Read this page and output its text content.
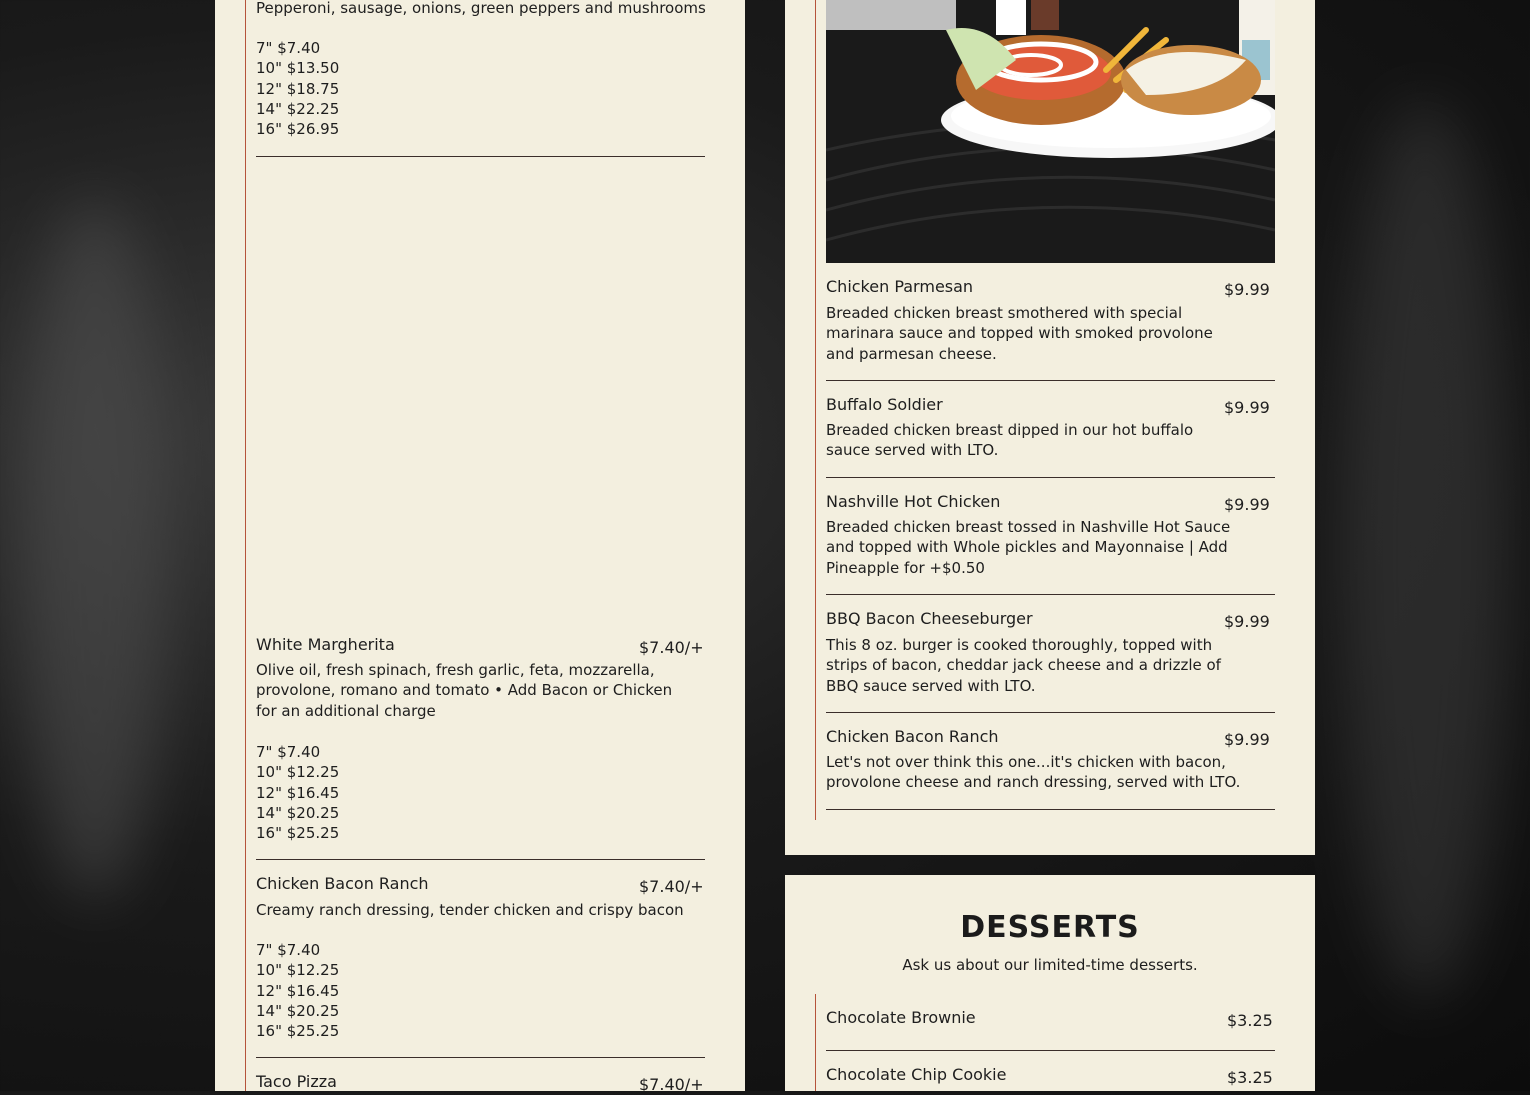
Pepperoni, sausage, onions, green peppers and mushrooms
7" $7.40
10" $13.50
12" $18.75
14" $22.25
16" $26.95
White Margherita	$7.40/+
Olive oil, fresh spinach, fresh garlic, feta, mozzarella, provolone, romano and tomato • Add Bacon or Chicken for an additional charge
7" $7.40
10" $12.25
12" $16.45
14" $20.25
16" $25.25
Chicken Bacon Ranch	$7.40/+
Creamy ranch dressing, tender chicken and crispy bacon
7" $7.40
10" $12.25
12" $16.45
14" $20.25
16" $25.25
Taco Pizza	$7.40/+
Chicken Parmesan	$9.99
Breaded chicken breast smothered with special marinara sauce and topped with smoked provolone and parmesan cheese.
Buffalo Soldier	$9.99
Breaded chicken breast dipped in our hot buffalo sauce served with LTO.
Nashville Hot Chicken	$9.99
Breaded chicken breast tossed in Nashville Hot Sauce and topped with Whole pickles and Mayonnaise | Add Pineapple for +$0.50
BBQ Bacon Cheeseburger	$9.99
This 8 oz. burger is cooked thoroughly, topped with strips of bacon, cheddar jack cheese and a drizzle of BBQ sauce served with LTO.
Chicken Bacon Ranch	$9.99
Let's not over think this one...it's chicken with bacon, provolone cheese and ranch dressing, served with LTO.
DESSERTS
Ask us about our limited-time desserts.
Chocolate Brownie	$3.25
Chocolate Chip Cookie	$3.25
